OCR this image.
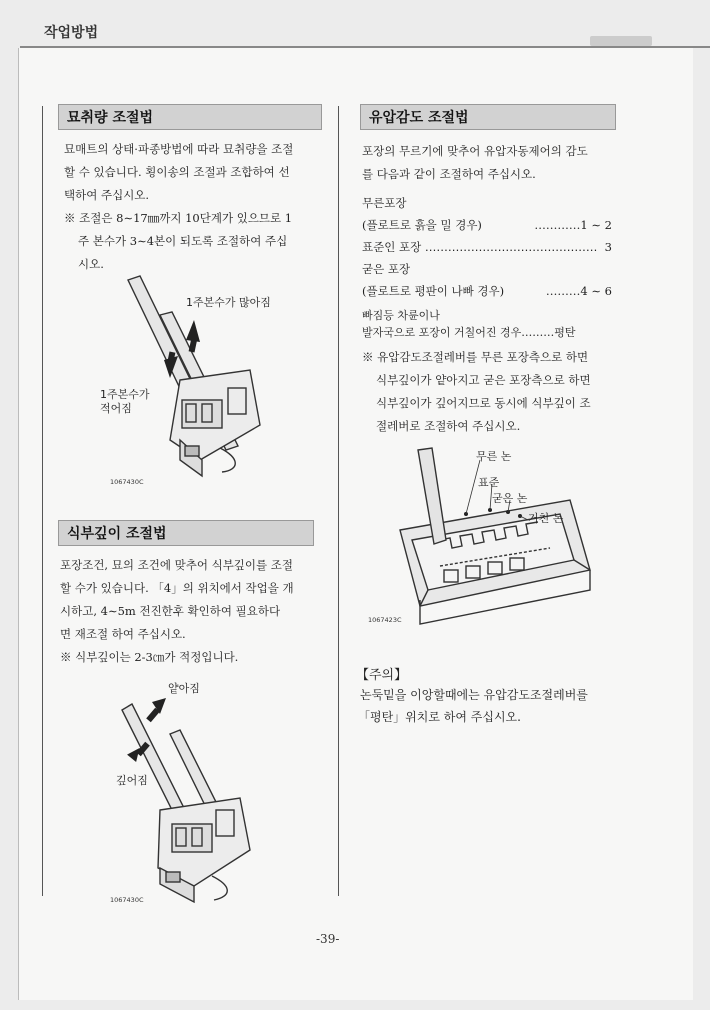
작업방법
묘취량 조절법

묘매트의 상태·파종방법에 따라 묘취량을 조절

할 수 있습니다. 횡이송의 조절과 조합하여 선

택하여 주십시오.

※ 조절은 8∼17㎜까지 10단계가 있으므로 1

주 본수가 3∼4본이 되도록 조절하여 주십

시오.

1주본수가 많아짐
1주본수가
적어짐
1067430C
식부깊이 조절법

포장조건, 묘의 조건에 맞추어 식부깊이를 조절

할 수가 있습니다. 「4」의 위치에서 작업을 개

시하고, 4∼5m 전진한후 확인하여 필요하다

면 재조절 하여 주십시오.

※ 식부깊이는 2-3㎝가 적정입니다.

얕아짐
깊어짐
1067430C
유압감도 조절법

포장의 무르기에 맞추어 유압자동제어의 감도

를 다음과 같이 조절하여 주십시오.

무른포장

(플로트로 흙을 밀 경우)	…………1 ∼ 2
표준인 포장 ……………………………………… 3

굳은 포장

(플로트로 평판이 나빠 경우)	………4 ∼ 6

빠짐등 차륜이나

발자국으로 포장이 거칠어진 경우………평탄

※ 유압감도조절레버를 무른 포장측으로 하면

식부깊이가 얕아지고 굳은 포장측으로 하면

식부깊이가 깊어지므로 동시에 식부깊이 조

절레버로 조절하여 주십시오.

무른 논
표준
굳은 논
거친 논
1067423C
【주의】
논둑밑을 이앙할때에는 유압감도조절레버를
「평탄」위치로 하여 주십시오.
-39-
